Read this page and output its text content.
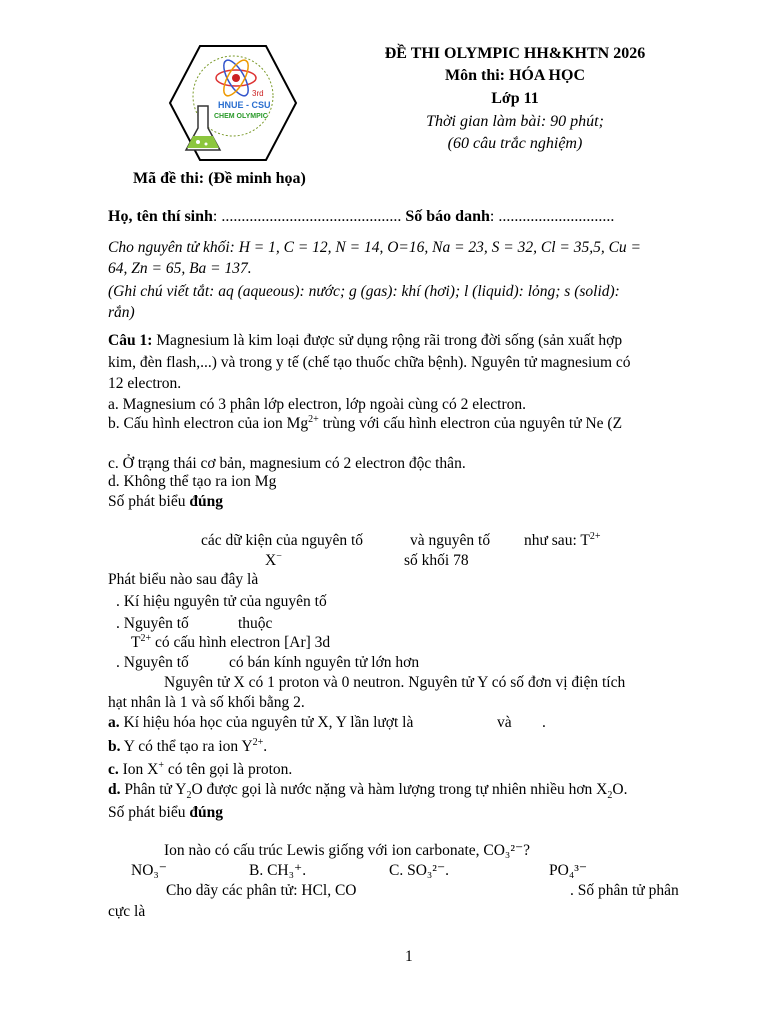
3rd
HNUE - CSU
CHEM OLYMPIC
ĐỀ THI OLYMPIC HH&KHTN 2026
Môn thi: HÓA HỌC
Lớp 11
Thời gian làm bài: 90 phút;
(60 câu trắc nghiệm)
Mã đề thi: (Đề minh họa)
Họ, tên thí sinh: ............................................. Số báo danh: .............................
Cho nguyên tử khối: H = 1, C = 12, N = 14, O=16, Na = 23, S = 32, Cl = 35,5, Cu =
64, Zn = 65, Ba = 137.
(Ghi chú viết tắt: aq (aqueous): nước; g (gas): khí (hơi); l (liquid): lỏng; s (solid):
rắn)
Câu 1: Magnesium là kim loại được sử dụng rộng rãi trong đời sống (sản xuất hợp
kim, đèn flash,...) và trong y tế (chế tạo thuốc chữa bệnh). Nguyên tử magnesium có
12 electron.
a. Magnesium có 3 phân lớp electron, lớp ngoài cùng có 2 electron.
b. Cấu hình electron của ion $Mg^{2+}$ trùng với cấu hình electron của nguyên tử Ne (Z
c. Ở trạng thái cơ bản, magnesium có 2 electron độc thân.
d. Không thể tạo ra ion Mg
Số phát biểu đúng
các dữ kiện của nguyên tố	và nguyên tố như sau: $T^{2+}$
X−	số khối 78
Phát biểu nào sau đây là
. Kí hiệu nguyên tử của nguyên tố
. Nguyên tố	thuộc
$T^{2+}$ có cấu hình electron [Ar] 3d
. Nguyên tố	có bán kính nguyên tử lớn hơn
Nguyên tử X có 1 proton và 0 neutron. Nguyên tử Y có số đơn vị điện tích
hạt nhân là 1 và số khối bằng 2.
a. Kí hiệu hóa học của nguyên tử X, Y lần lượt là	và .
b. Y có thể tạo ra ion $Y^{2+}$.
c. Ion X+ có tên gọi là proton.
d. Phân tử $Y_2O$ được gọi là nước nặng và hàm lượng trong tự nhiên nhiều hơn $X_2O$.
Số phát biểu đúng
Ion nào có cấu trúc Lewis giống với ion carbonate, CO₃²⁻?
NO₃⁻	B. CH₃⁺.	C. SO₃²⁻.	PO₄³⁻
Cho dãy các phân tử: HCl, CO	. Số phân tử phân
cực là
1
